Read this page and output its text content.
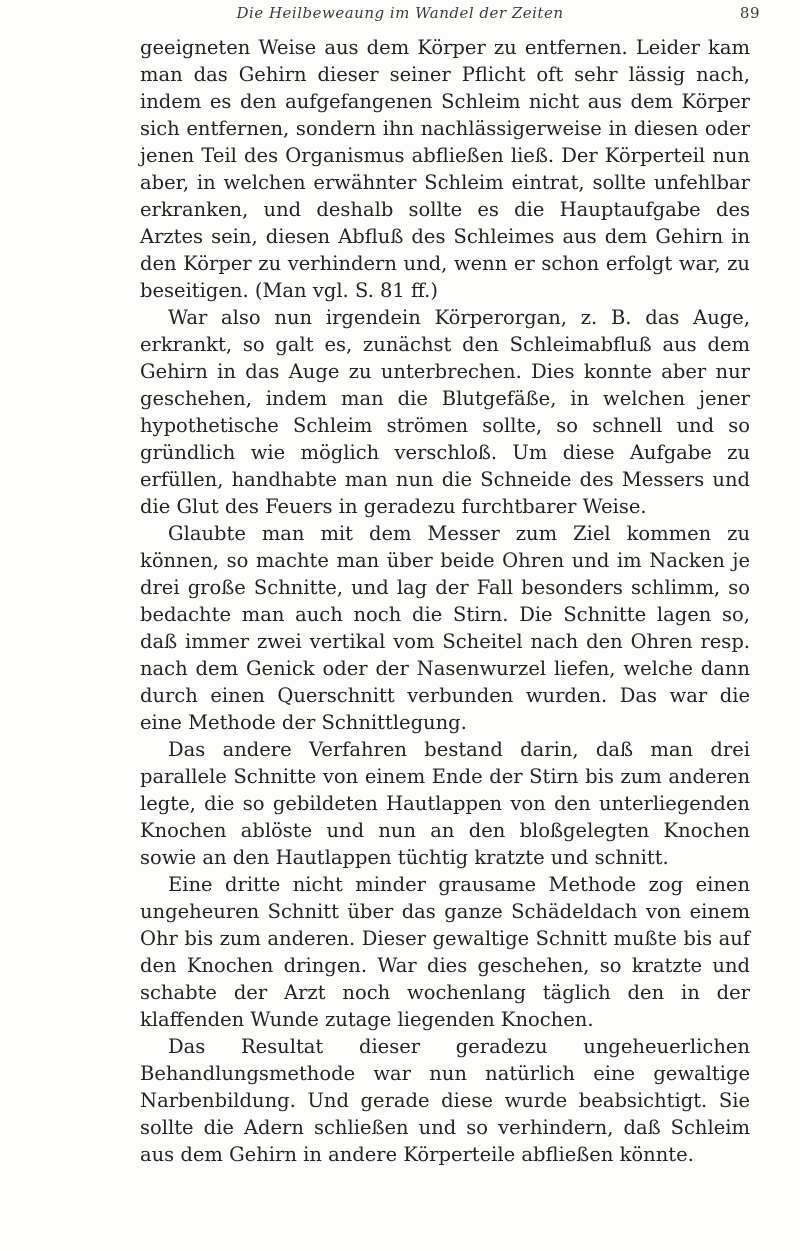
Die Heilbeweaung im Wandel der Zeiten	89

geeigneten Weise aus dem Körper zu entfernen. Leider kam man das Gehirn dieser seiner Pflicht oft sehr lässig nach, indem es den aufgefangenen Schleim nicht aus dem Körper sich entfernen, sondern ihn nachlässigerweise in diesen oder jenen Teil des Organismus abfließen ließ. Der Körperteil nun aber, in welchen erwähnter Schleim eintrat, sollte unfehlbar erkranken, und deshalb sollte es die Hauptaufgabe des Arztes sein, diesen Abfluß des Schleimes aus dem Gehirn in den Körper zu verhindern und, wenn er schon erfolgt war, zu beseitigen. (Man vgl. S. 81 ff.)

War also nun irgendein Körperorgan, z. B. das Auge, erkrankt, so galt es, zunächst den Schleimabfluß aus dem Gehirn in das Auge zu unterbrechen. Dies konnte aber nur geschehen, indem man die Blutgefäße, in welchen jener hypothetische Schleim strömen sollte, so schnell und so gründlich wie möglich verschloß. Um diese Aufgabe zu erfüllen, handhabte man nun die Schneide des Messers und die Glut des Feuers in geradezu furchtbarer Weise.

Glaubte man mit dem Messer zum Ziel kommen zu können, so machte man über beide Ohren und im Nacken je drei große Schnitte, und lag der Fall besonders schlimm, so bedachte man auch noch die Stirn. Die Schnitte lagen so, daß immer zwei vertikal vom Scheitel nach den Ohren resp. nach dem Genick oder der Nasenwurzel liefen, welche dann durch einen Querschnitt verbunden wurden. Das war die eine Methode der Schnittlegung.

Das andere Verfahren bestand darin, daß man drei parallele Schnitte von einem Ende der Stirn bis zum anderen legte, die so gebildeten Hautlappen von den unterliegenden Knochen ablöste und nun an den bloßgelegten Knochen sowie an den Hautlappen tüchtig kratzte und schnitt.

Eine dritte nicht minder grausame Methode zog einen ungeheuren Schnitt über das ganze Schädeldach von einem Ohr bis zum anderen. Dieser gewaltige Schnitt mußte bis auf den Knochen dringen. War dies geschehen, so kratzte und schabte der Arzt noch wochenlang täglich den in der klaffenden Wunde zutage liegenden Knochen.

Das Resultat dieser geradezu ungeheuerlichen Behandlungsmethode war nun natürlich eine gewaltige Narbenbildung. Und gerade diese wurde beabsichtigt. Sie sollte die Adern schließen und so verhindern, daß Schleim aus dem Gehirn in andere Körperteile abfließen könnte.
